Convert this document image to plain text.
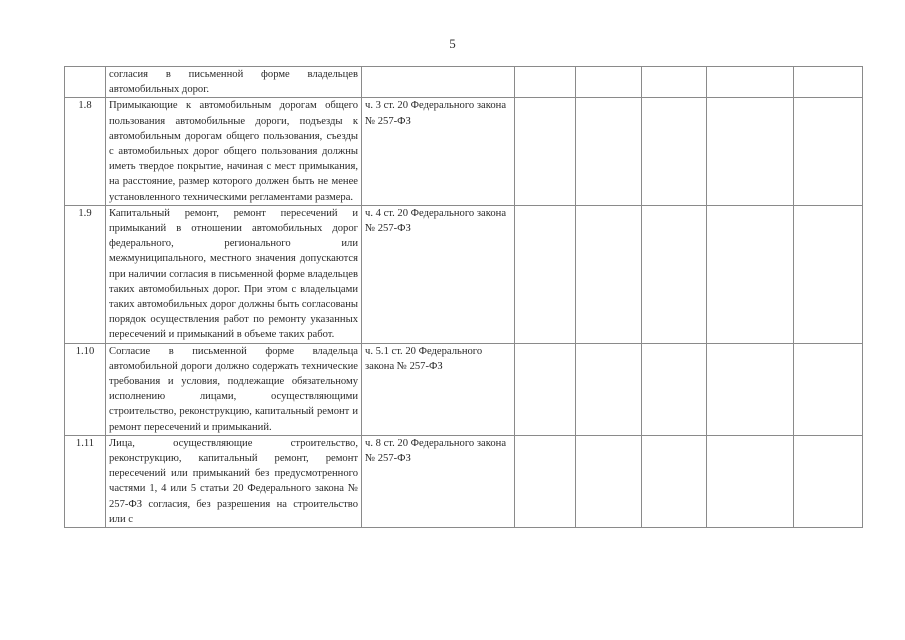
5
	согласия в письменной форме владельцев автомобильных дорог.						
1.8	Примыкающие к автомобильным дорогам общего пользования автомобильные дороги, подъезды к автомобильным дорогам общего пользования, съезды с автомобильных дорог общего пользования должны иметь твердое покрытие, начиная с мест примыкания, на расстояние, размер которого должен быть не менее установленного техническими регламентами размера.	ч. 3 ст. 20 Федерального закона № 257-ФЗ					
1.9	Капитальный ремонт, ремонт пересечений и примыканий в отношении автомобильных дорог федерального, регионального или межмуниципального, местного значения допускаются при наличии согласия в письменной форме владельцев таких автомобильных дорог. При этом с владельцами таких автомобильных дорог должны быть согласованы порядок осуществления работ по ремонту указанных пересечений и примыканий в объеме таких работ.	ч. 4 ст. 20 Федерального закона № 257-ФЗ					
1.10	Согласие в письменной форме владельца автомобильной дороги должно содержать технические требования и условия, подлежащие обязательному исполнению лицами, осуществляющими строительство, реконструкцию, капитальный ремонт и ремонт пересечений и примыканий.	ч. 5.1 ст. 20 Федерального закона № 257-ФЗ					
1.11	Лица, осуществляющие строительство, реконструкцию, капитальный ремонт, ремонт пересечений или примыканий без предусмотренного частями 1, 4 или 5 статьи 20 Федерального закона № 257-ФЗ согласия, без разрешения на строительство или с	ч. 8 ст. 20 Федерального закона № 257-ФЗ					
